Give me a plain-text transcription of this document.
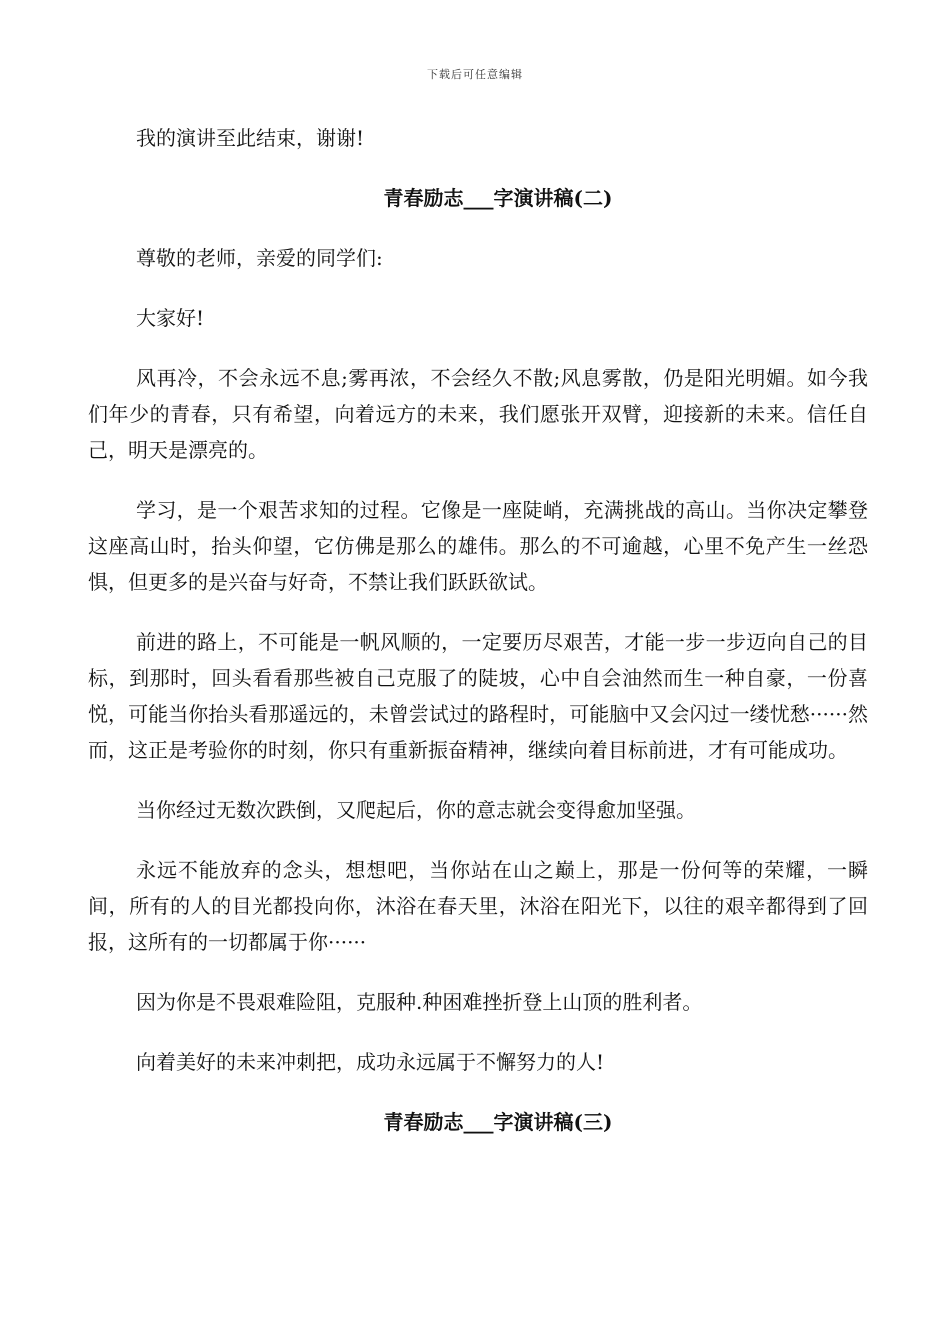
下载后可任意编辑

我的演讲至此结束，谢谢!

青春励志___字演讲稿(二)

尊敬的老师，亲爱的同学们:

大家好!

风再冷，不会永远不息;雾再浓，不会经久不散;风息雾散，仍是阳光明媚。如今我们年少的青春，只有希望，向着远方的未来，我们愿张开双臂，迎接新的未来。信任自己，明天是漂亮的。

学习，是一个艰苦求知的过程。它像是一座陡峭，充满挑战的高山。当你决定攀登这座高山时，抬头仰望，它仿佛是那么的雄伟。那么的不可逾越，心里不免产生一丝恐惧，但更多的是兴奋与好奇，不禁让我们跃跃欲试。

前进的路上，不可能是一帆风顺的，一定要历尽艰苦，才能一步一步迈向自己的目标，到那时，回头看看那些被自己克服了的陡坡，心中自会油然而生一种自豪，一份喜悦，可能当你抬头看那遥远的，未曾尝试过的路程时，可能脑中又会闪过一缕忧愁······然而，这正是考验你的时刻，你只有重新振奋精神，继续向着目标前进，才有可能成功。

当你经过无数次跌倒，又爬起后，你的意志就会变得愈加坚强。

永远不能放弃的念头，想想吧，当你站在山之巅上，那是一份何等的荣耀，一瞬间，所有的人的目光都投向你，沐浴在春天里，沐浴在阳光下，以往的艰辛都得到了回报，这所有的一切都属于你······

因为你是不畏艰难险阻，克服种.种困难挫折登上山顶的胜利者。

向着美好的未来冲刺把，成功永远属于不懈努力的人!

青春励志___字演讲稿(三)
